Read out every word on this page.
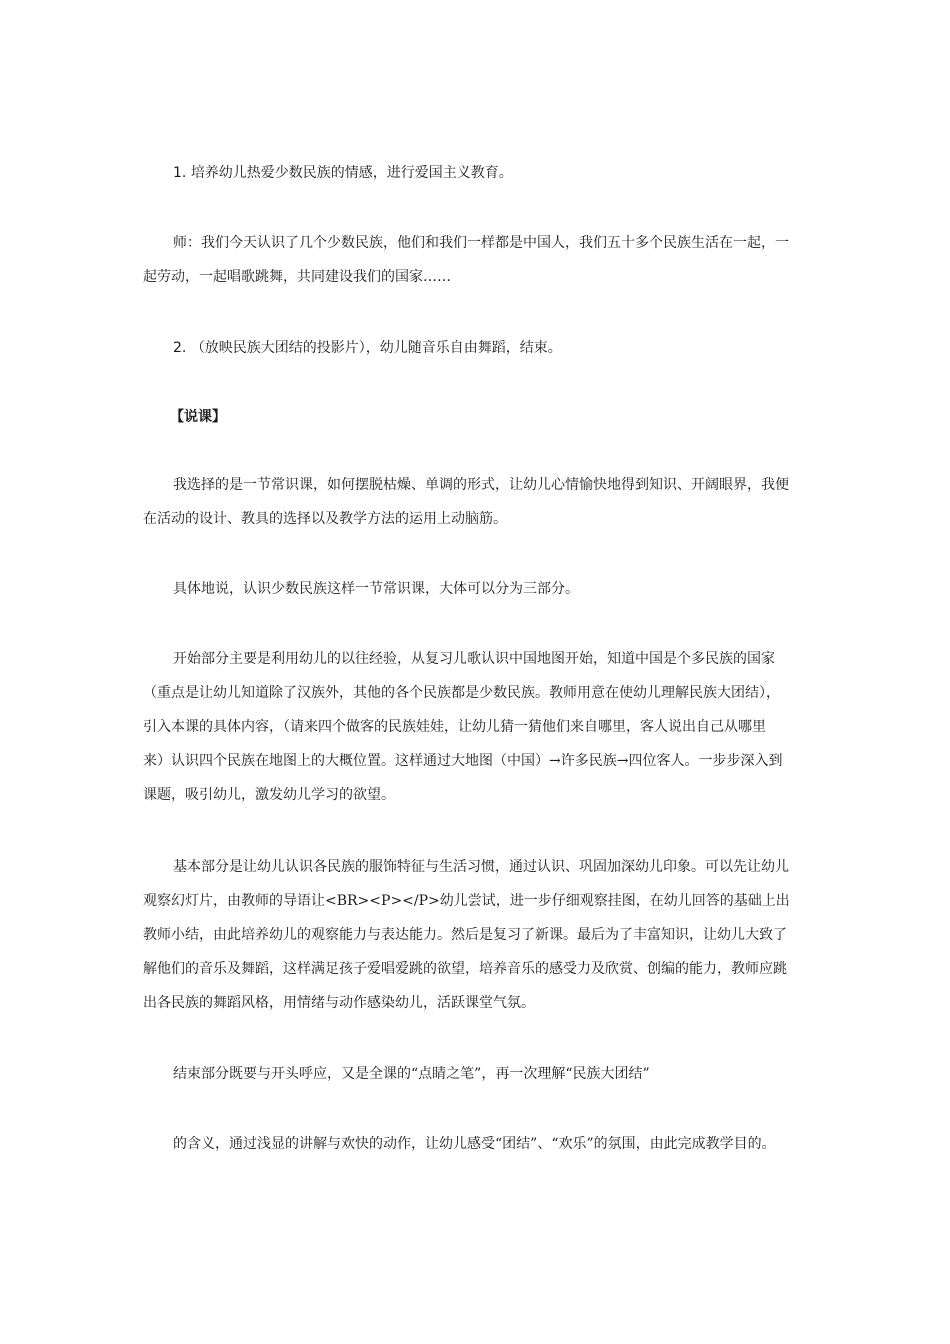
1. 培养幼儿热爱少数民族的情感，进行爱国主义教育。
师：我们今天认识了几个少数民族，他们和我们一样都是中国人，我们五十多个民族生活在一起，一
起劳动，一起唱歌跳舞，共同建设我们的国家……
2. （放映民族大团结的投影片），幼儿随音乐自由舞蹈，结束。
【说课】
我选择的是一节常识课，如何摆脱枯燥、单调的形式，让幼儿心情愉快地得到知识、开阔眼界，我便
在活动的设计、教具的选择以及教学方法的运用上动脑筋。
具体地说，认识少数民族这样一节常识课，大体可以分为三部分。
开始部分主要是利用幼儿的以往经验，从复习儿歌认识中国地图开始，知道中国是个多民族的国家
（重点是让幼儿知道除了汉族外，其他的各个民族都是少数民族。教师用意在使幼儿理解民族大团结），
引入本课的具体内容，（请来四个做客的民族娃娃，让幼儿猜一猜他们来自哪里，客人说出自己从哪里
来）认识四个民族在地图上的大概位置。这样通过大地图（中国）→许多民族→四位客人。一步步深入到
课题，吸引幼儿，激发幼儿学习的欲望。
基本部分是让幼儿认识各民族的服饰特征与生活习惯，通过认识、巩固加深幼儿印象。可以先让幼儿
观察幻灯片，由教师的导语让<BR><P></P>幼儿尝试，进一步仔细观察挂图，在幼儿回答的基础上出
教师小结，由此培养幼儿的观察能力与表达能力。然后是复习了新课。最后为了丰富知识，让幼儿大致了
解他们的音乐及舞蹈，这样满足孩子爱唱爱跳的欲望，培养音乐的感受力及欣赏、创编的能力，教师应跳
出各民族的舞蹈风格，用情绪与动作感染幼儿，活跃课堂气氛。
结束部分既要与开头呼应，又是全课的“点睛之笔”，再一次理解“民族大团结”
的含义，通过浅显的讲解与欢快的动作，让幼儿感受“团结”、“欢乐”的氛围，由此完成教学目的。
